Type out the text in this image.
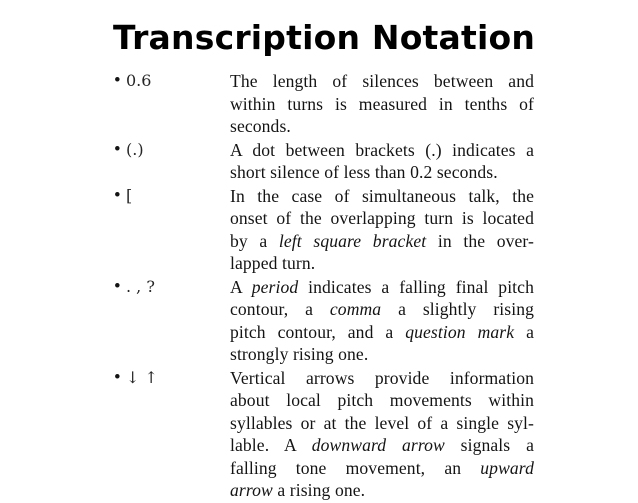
Transcription Notation
• 0.6	The length of silences between and
within turns is measured in tenths of
seconds.
• (.)	A dot between brackets (.) indicates a
short silence of less than 0.2 seconds.
• [	In the case of simultaneous talk, the
onset of the overlapping turn is located
by a left square bracket in the over-
lapped turn.
• . , ?	A period indicates a falling final pitch
contour, a comma a slightly rising
pitch contour, and a question mark a
strongly rising one.
• ↓ ↑	Vertical arrows provide information
about local pitch movements within
syllables or at the level of a single syl-
lable. A downward arrow signals a
falling tone movement, an upward
arrow a rising one.
